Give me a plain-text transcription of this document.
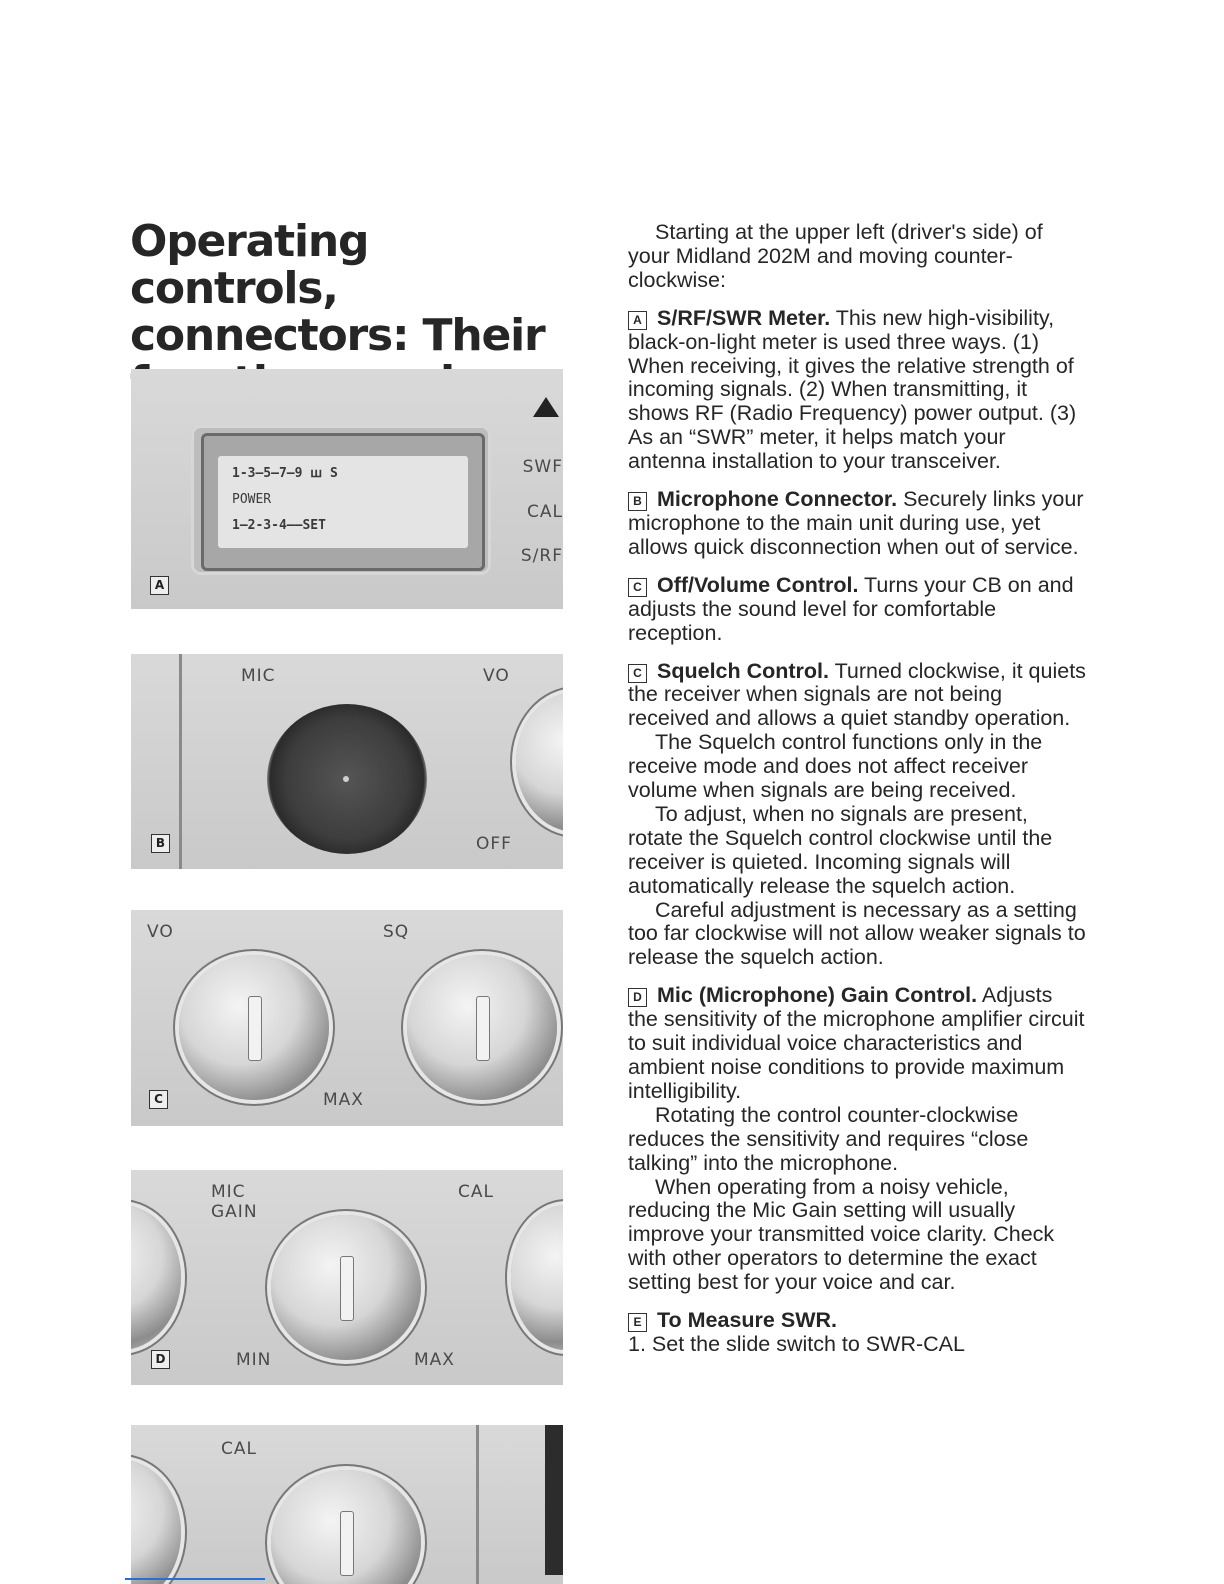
Operating controls,
connectors: Their

1-3—5—7—9 ꟺ S
POWER
1—2-3-4——SET
SWF
CAL
S/RF
A
MIC	VO
OFF
B
VO	SQ
MAX
C
MIC
GAIN
CAL
MIN	MAX
D
CAL

Starting at the upper left (driver's side) of your Midland 202M and moving counter-clockwise:

A S/RF/SWR Meter. This new high-visibility, black-on-light meter is used three ways. (1) When receiving, it gives the relative strength of incoming signals. (2) When transmitting, it shows RF (Radio Frequency) power output. (3) As an “SWR” meter, it helps match your antenna installation to your transceiver.

B Microphone Connector. Securely links your microphone to the main unit during use, yet allows quick disconnection when out of service.

C Off/Volume Control. Turns your CB on and adjusts the sound level for comfortable reception.

C Squelch Control. Turned clockwise, it quiets the receiver when signals are not being received and allows a quiet standby operation.

The Squelch control functions only in the receive mode and does not affect receiver volume when signals are being received.

To adjust, when no signals are present, rotate the Squelch control clockwise until the receiver is quieted. Incoming signals will automatically release the squelch action.

Careful adjustment is necessary as a setting too far clockwise will not allow weaker signals to release the squelch action.

D Mic (Microphone) Gain Control. Adjusts the sensitivity of the microphone amplifier circuit to suit individual voice characteristics and ambient noise conditions to provide maximum intelligibility.

Rotating the control counter-clockwise reduces the sensitivity and requires “close talking” into the microphone.

When operating from a noisy vehicle, reducing the Mic Gain setting will usually improve your transmitted voice clarity. Check with other operators to determine the exact setting best for your voice and car.

E To Measure SWR.

1. Set the slide switch to SWR-CAL
